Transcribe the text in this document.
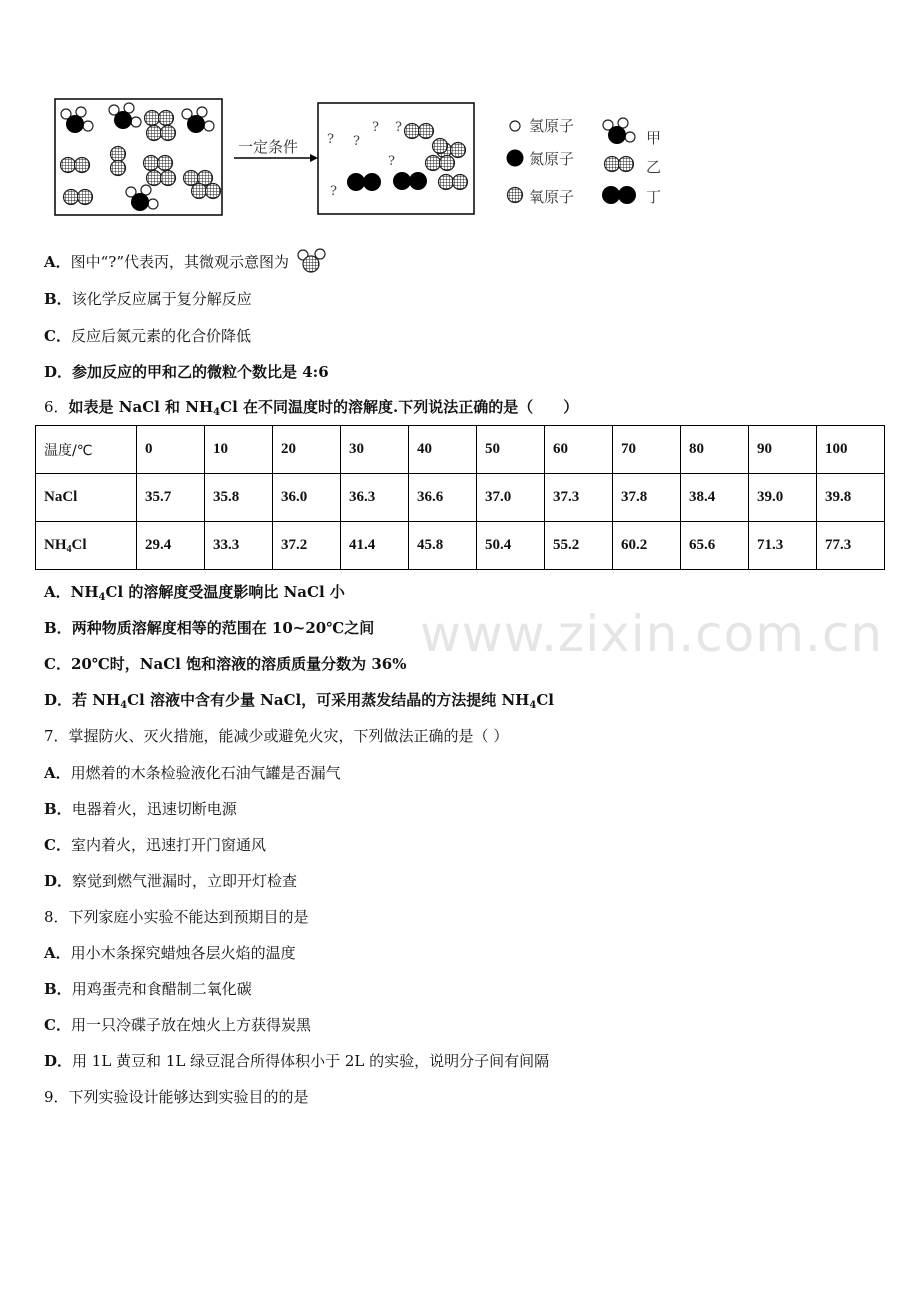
一定条件 ? ?
? ?
?
?
氢原子
氮原子
氧原子
甲
乙
丁
A．图中“?”代表丙，其微观示意图为
B．该化学反应属于复分解反应
C．反应后氮元素的化合价降低
D．参加反应的甲和乙的微粒个数比是 4:6
6．如表是 NaCl 和 $NH_4Cl$ 在不同温度时的溶解度.下列说法正确的是（　　）
温度/℃	0	10	20	30	40	50	60	70	80	90	100
NaCl	35.7	35.8	36.0	36.3	36.6	37.0	37.3	37.8	38.4	39.0	39.8
$NH_4Cl$	29.4	33.3	37.2	41.4	45.8	50.4	55.2	60.2	65.6	71.3	77.3
A．$NH_4Cl$ 的溶解度受温度影响比 NaCl 小
B．两种物质溶解度相等的范围在 10~20℃之间
C．20℃时，NaCl 饱和溶液的溶质质量分数为 36%
D．若 $NH_4Cl$ 溶液中含有少量 NaCl，可采用蒸发结晶的方法提纯 $NH_4Cl$
7．掌握防火、灭火措施，能减少或避免火灾，下列做法正确的是（ ）
A．用燃着的木条检验液化石油气罐是否漏气
B．电器着火，迅速切断电源
C．室内着火，迅速打开门窗通风
D．察觉到燃气泄漏时，立即开灯检查
8．下列家庭小实验不能达到预期目的是
A．用小木条探究蜡烛各层火焰的温度
B．用鸡蛋壳和食醋制二氧化碳
C．用一只冷碟子放在烛火上方获得炭黑
D．用 1L 黄豆和 1L 绿豆混合所得体积小于 2L 的实验，说明分子间有间隔
9．下列实验设计能够达到实验目的的是
www.zixin.com.cn
